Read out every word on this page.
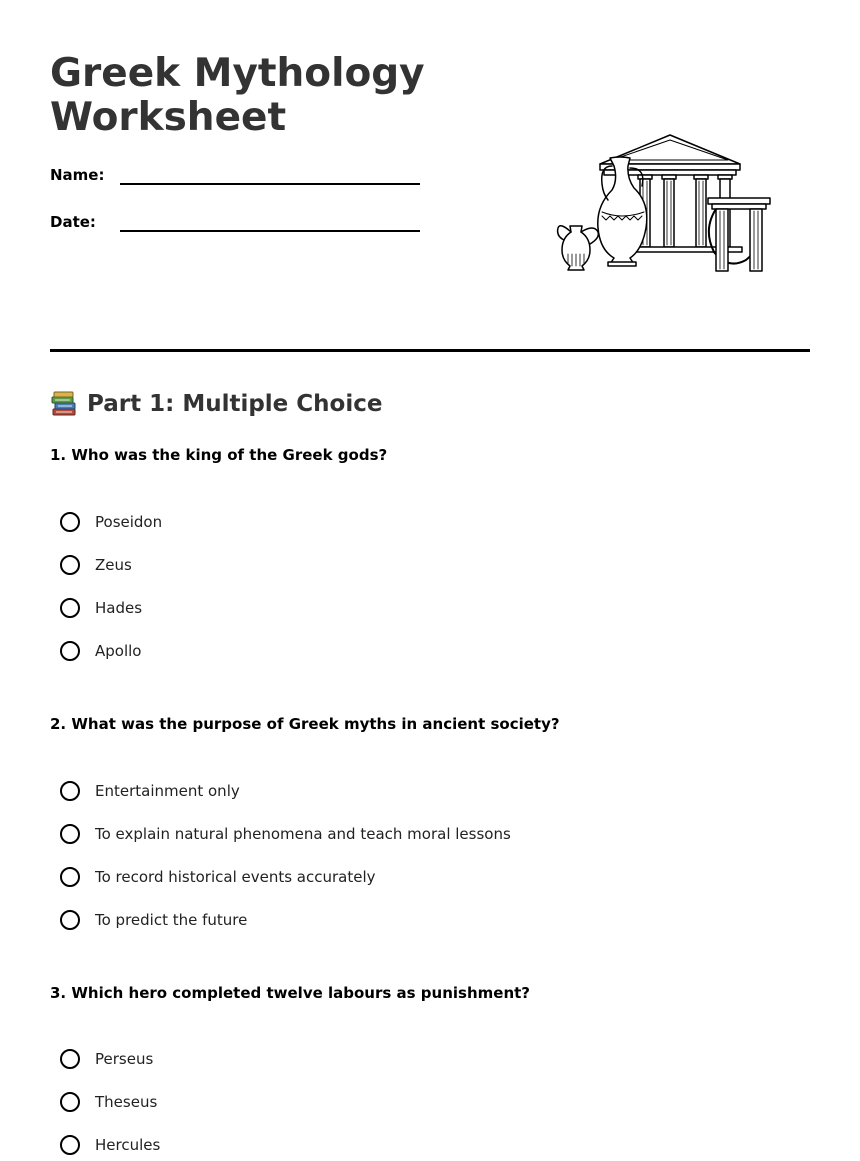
Greek Mythology Worksheet
Name:
Date:
Part 1: Multiple Choice
1. Who was the king of the Greek gods?
Poseidon
Zeus
Hades
Apollo
2. What was the purpose of Greek myths in ancient society?
Entertainment only
To explain natural phenomena and teach moral lessons
To record historical events accurately
To predict the future
3. Which hero completed twelve labours as punishment?
Perseus
Theseus
Hercules
